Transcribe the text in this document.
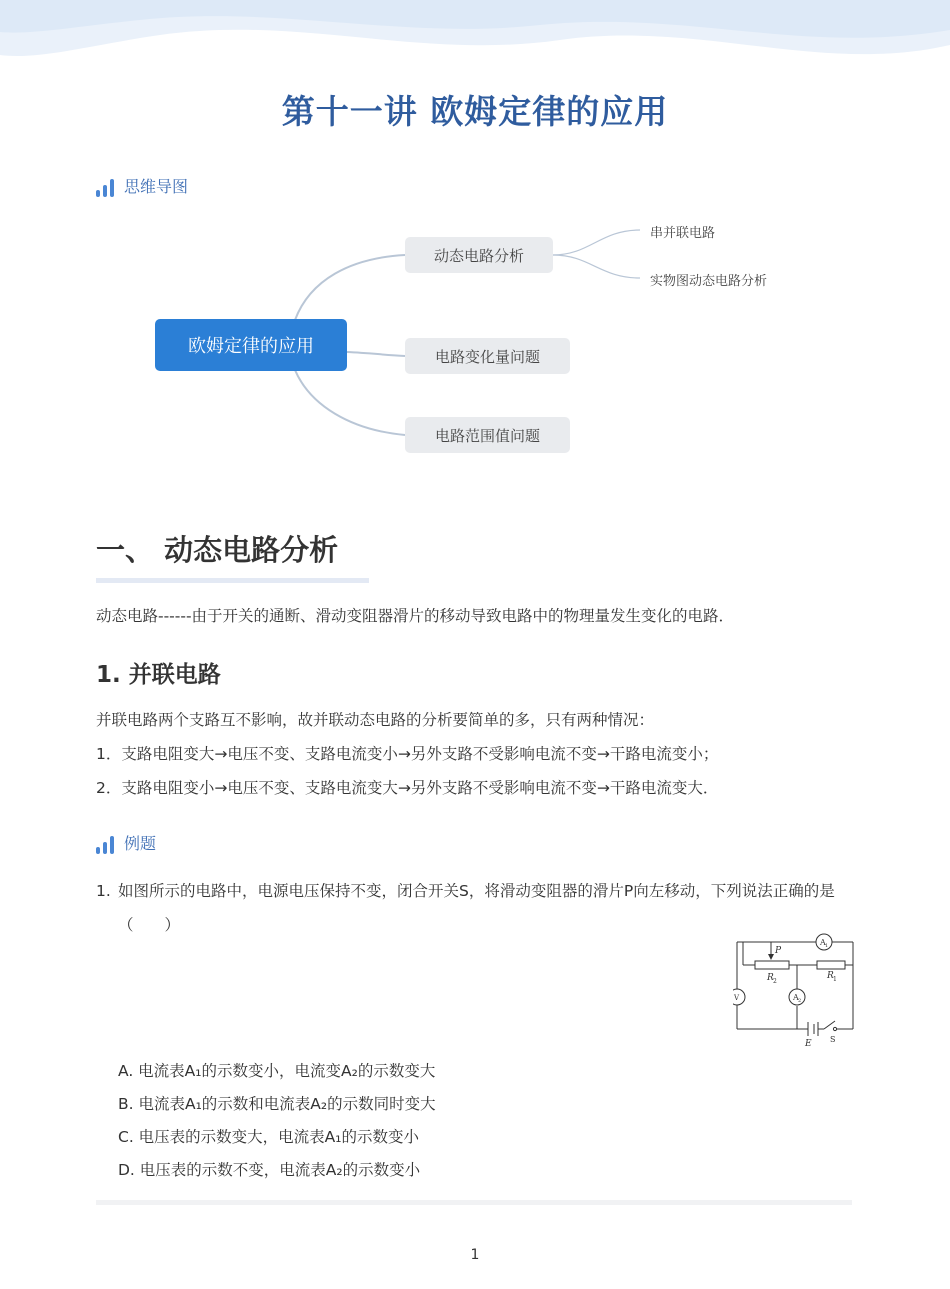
第十一讲 欧姆定律的应用
思维导图
欧姆定律的应用
动态电路分析
电路变化量问题
电路范围值问题
串并联电路
实物图动态电路分析
一、 动态电路分析
动态电路------由于开关的通断、滑动变阻器滑片的移动导致电路中的物理量发生变化的电路．
1. 并联电路
并联电路两个支路互不影响，故并联动态电路的分析要简单的多，只有两种情况：
1．支路电阻变大→电压不变、支路电流变小→另外支路不受影响电流不变→干路电流变小；
2．支路电阻变小→电压不变、支路电流变大→另外支路不受影响电流不变→干路电流变大．
例题
1. 如图所示的电路中，电源电压保持不变，闭合开关S，将滑动变阻器的滑片P向左移动，下列说法正确的是（　　）
P
R 2
R 1
E
A 1
A 2
V
S
A. 电流表A₁的示数变小，电流变A₂的示数变大
B. 电流表A₁的示数和电流表A₂的示数同时变大
C. 电压表的示数变大，电流表A₁的示数变小
D. 电压表的示数不变，电流表A₂的示数变小
1
